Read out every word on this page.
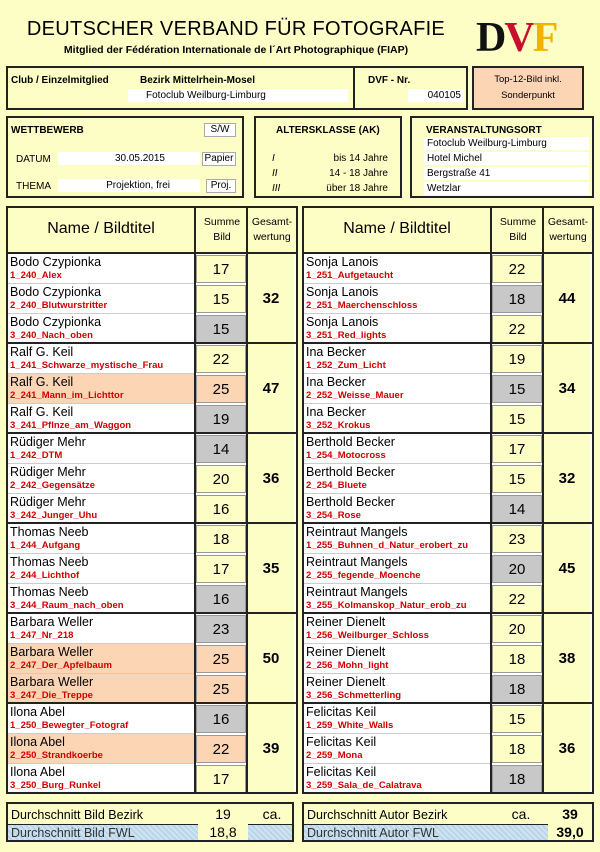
DEUTSCHER VERBAND FÜR FOTOGRAFIE
Mitglied der Fédération Internationale de l´Art Photographique (FIAP)	DVF
Club / Einzelmitglied	Bezirk Mittelrhein-Mosel
Fotoclub Weilburg-Limburg
DVF - Nr.
040105
Top-12-Bild inkl. Sonderpunkt
WETTBEWERB	S/W
DATUM	30.05.2015	Papier
THEMA	Projektion, frei	Proj.
ALTERSKLASSE (AK)
I	bis 14 Jahre
II	14 - 18 Jahre
III	über 18 Jahre
VERANSTALTUNGSORT
Fotoclub Weilburg-Limburg
Hotel Michel
Bergstraße 41
Wetzlar
Name / Bildtitel	Summe Bild
Gesamt- wertung
Bodo Czypionka
1_240_Alex	17
Bodo Czypionka
2_240_Blutwurstritter	15
Bodo Czypionka
3_240_Nach_oben	15
32
Ralf G. Keil
1_241_Schwarze_mystische_Frau	22
Ralf G. Keil
2_241_Mann_im_Lichttor	25
Ralf G. Keil
3_241_Pflnze_am_Waggon	19
47
Rüdiger Mehr
1_242_DTM	14
Rüdiger Mehr
2_242_Gegensätze	20
Rüdiger Mehr
3_242_Junger_Uhu	16
36
Thomas Neeb
1_244_Aufgang	18
Thomas Neeb
2_244_Lichthof	17
Thomas Neeb
3_244_Raum_nach_oben	16
35
Barbara Weller
1_247_Nr_218	23
Barbara Weller
2_247_Der_Apfelbaum	25
Barbara Weller
3_247_Die_Treppe	25
50
Ilona Abel
1_250_Bewegter_Fotograf	16
Ilona Abel
2_250_Strandkoerbe	22
Ilona Abel
3_250_Burg_Runkel	17
39
Name / Bildtitel	Summe Bild
Gesamt- wertung
Sonja Lanois
1_251_Aufgetaucht	22
Sonja Lanois
2_251_Maerchenschloss	18
Sonja Lanois
3_251_Red_lights	22
44
Ina Becker
1_252_Zum_Licht	19
Ina Becker
2_252_Weisse_Mauer	15
Ina Becker
3_252_Krokus	15
34
Berthold Becker
1_254_Motocross	17
Berthold Becker
2_254_Bluete	15
Berthold Becker
3_254_Rose	14
32
Reintraut Mangels
1_255_Buhnen_d_Natur_erobert_zu	23
Reintraut Mangels
2_255_fegende_Moenche	20
Reintraut Mangels
3_255_Kolmanskop_Natur_erob_zu	22
45
Reiner Dienelt
1_256_Weilburger_Schloss	20
Reiner Dienelt
2_256_Mohn_light	18
Reiner Dienelt
3_256_Schmetterling	18
38
Felicitas Keil
1_259_White_Walls	15
Felicitas Keil
2_259_Mona	18
Felicitas Keil
3_259_Sala_de_Calatrava	18
36
Durchschnitt Bild Bezirk	19	ca.
Durchschnitt Bild FWL	18,8
Durchschnitt Autor Bezirk	ca.	39
Durchschnitt Autor FWL	39,0
